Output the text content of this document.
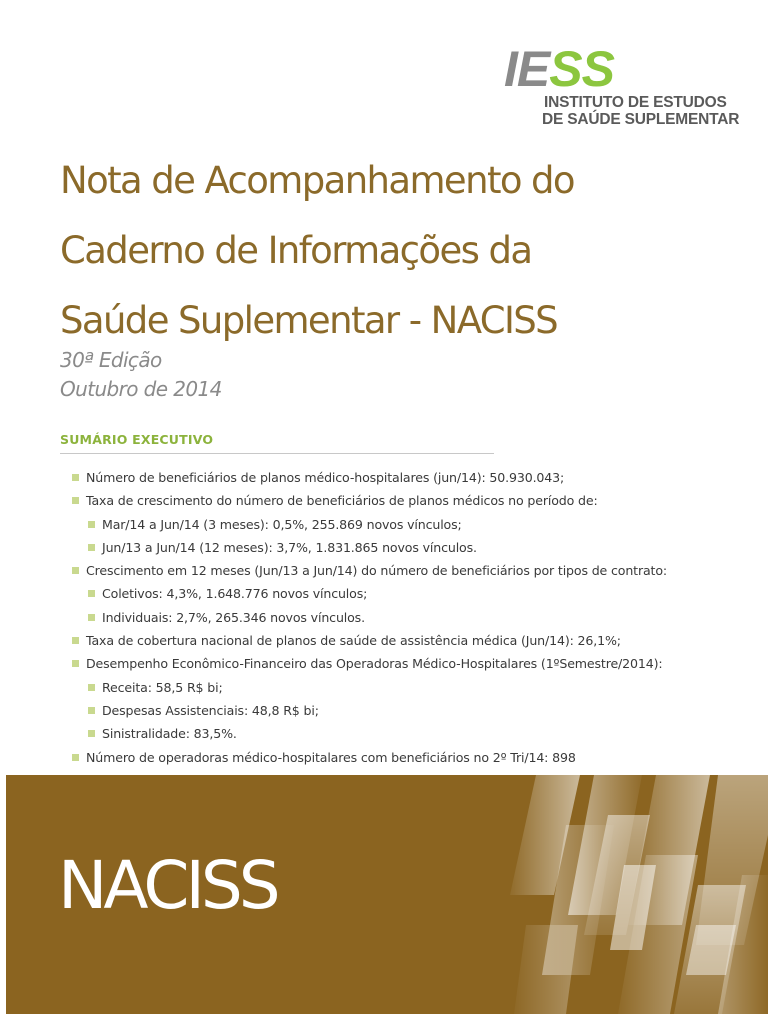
IESS
INSTITUTO DE ESTUDOS
DE SAÚDE SUPLEMENTAR
Nota de Acompanhamento do
Caderno de Informações da
Saúde Suplementar - NACISS
30ª Edição
Outubro de 2014
SUMÁRIO EXECUTIVO
Número de beneficiários de planos médico-hospitalares (jun/14): 50.930.043;
Taxa de crescimento do número de beneficiários de planos médicos no período de:
Mar/14 a Jun/14 (3 meses): 0,5%, 255.869 novos vínculos;
Jun/13 a Jun/14 (12 meses): 3,7%, 1.831.865 novos vínculos.
Crescimento em 12 meses (Jun/13 a Jun/14) do número de beneficiários por tipos de contrato:
Coletivos: 4,3%, 1.648.776 novos vínculos;
Individuais: 2,7%, 265.346 novos vínculos.
Taxa de cobertura nacional de planos de saúde de assistência médica (Jun/14): 26,1%;
Desempenho Econômico-Financeiro das Operadoras Médico-Hospitalares (1ºSemestre/2014):
Receita: 58,5 R$ bi;
Despesas Assistenciais: 48,8 R$ bi;
Sinistralidade: 83,5%.
Número de operadoras médico-hospitalares com beneficiários no 2º Tri/14: 898
NACISS
